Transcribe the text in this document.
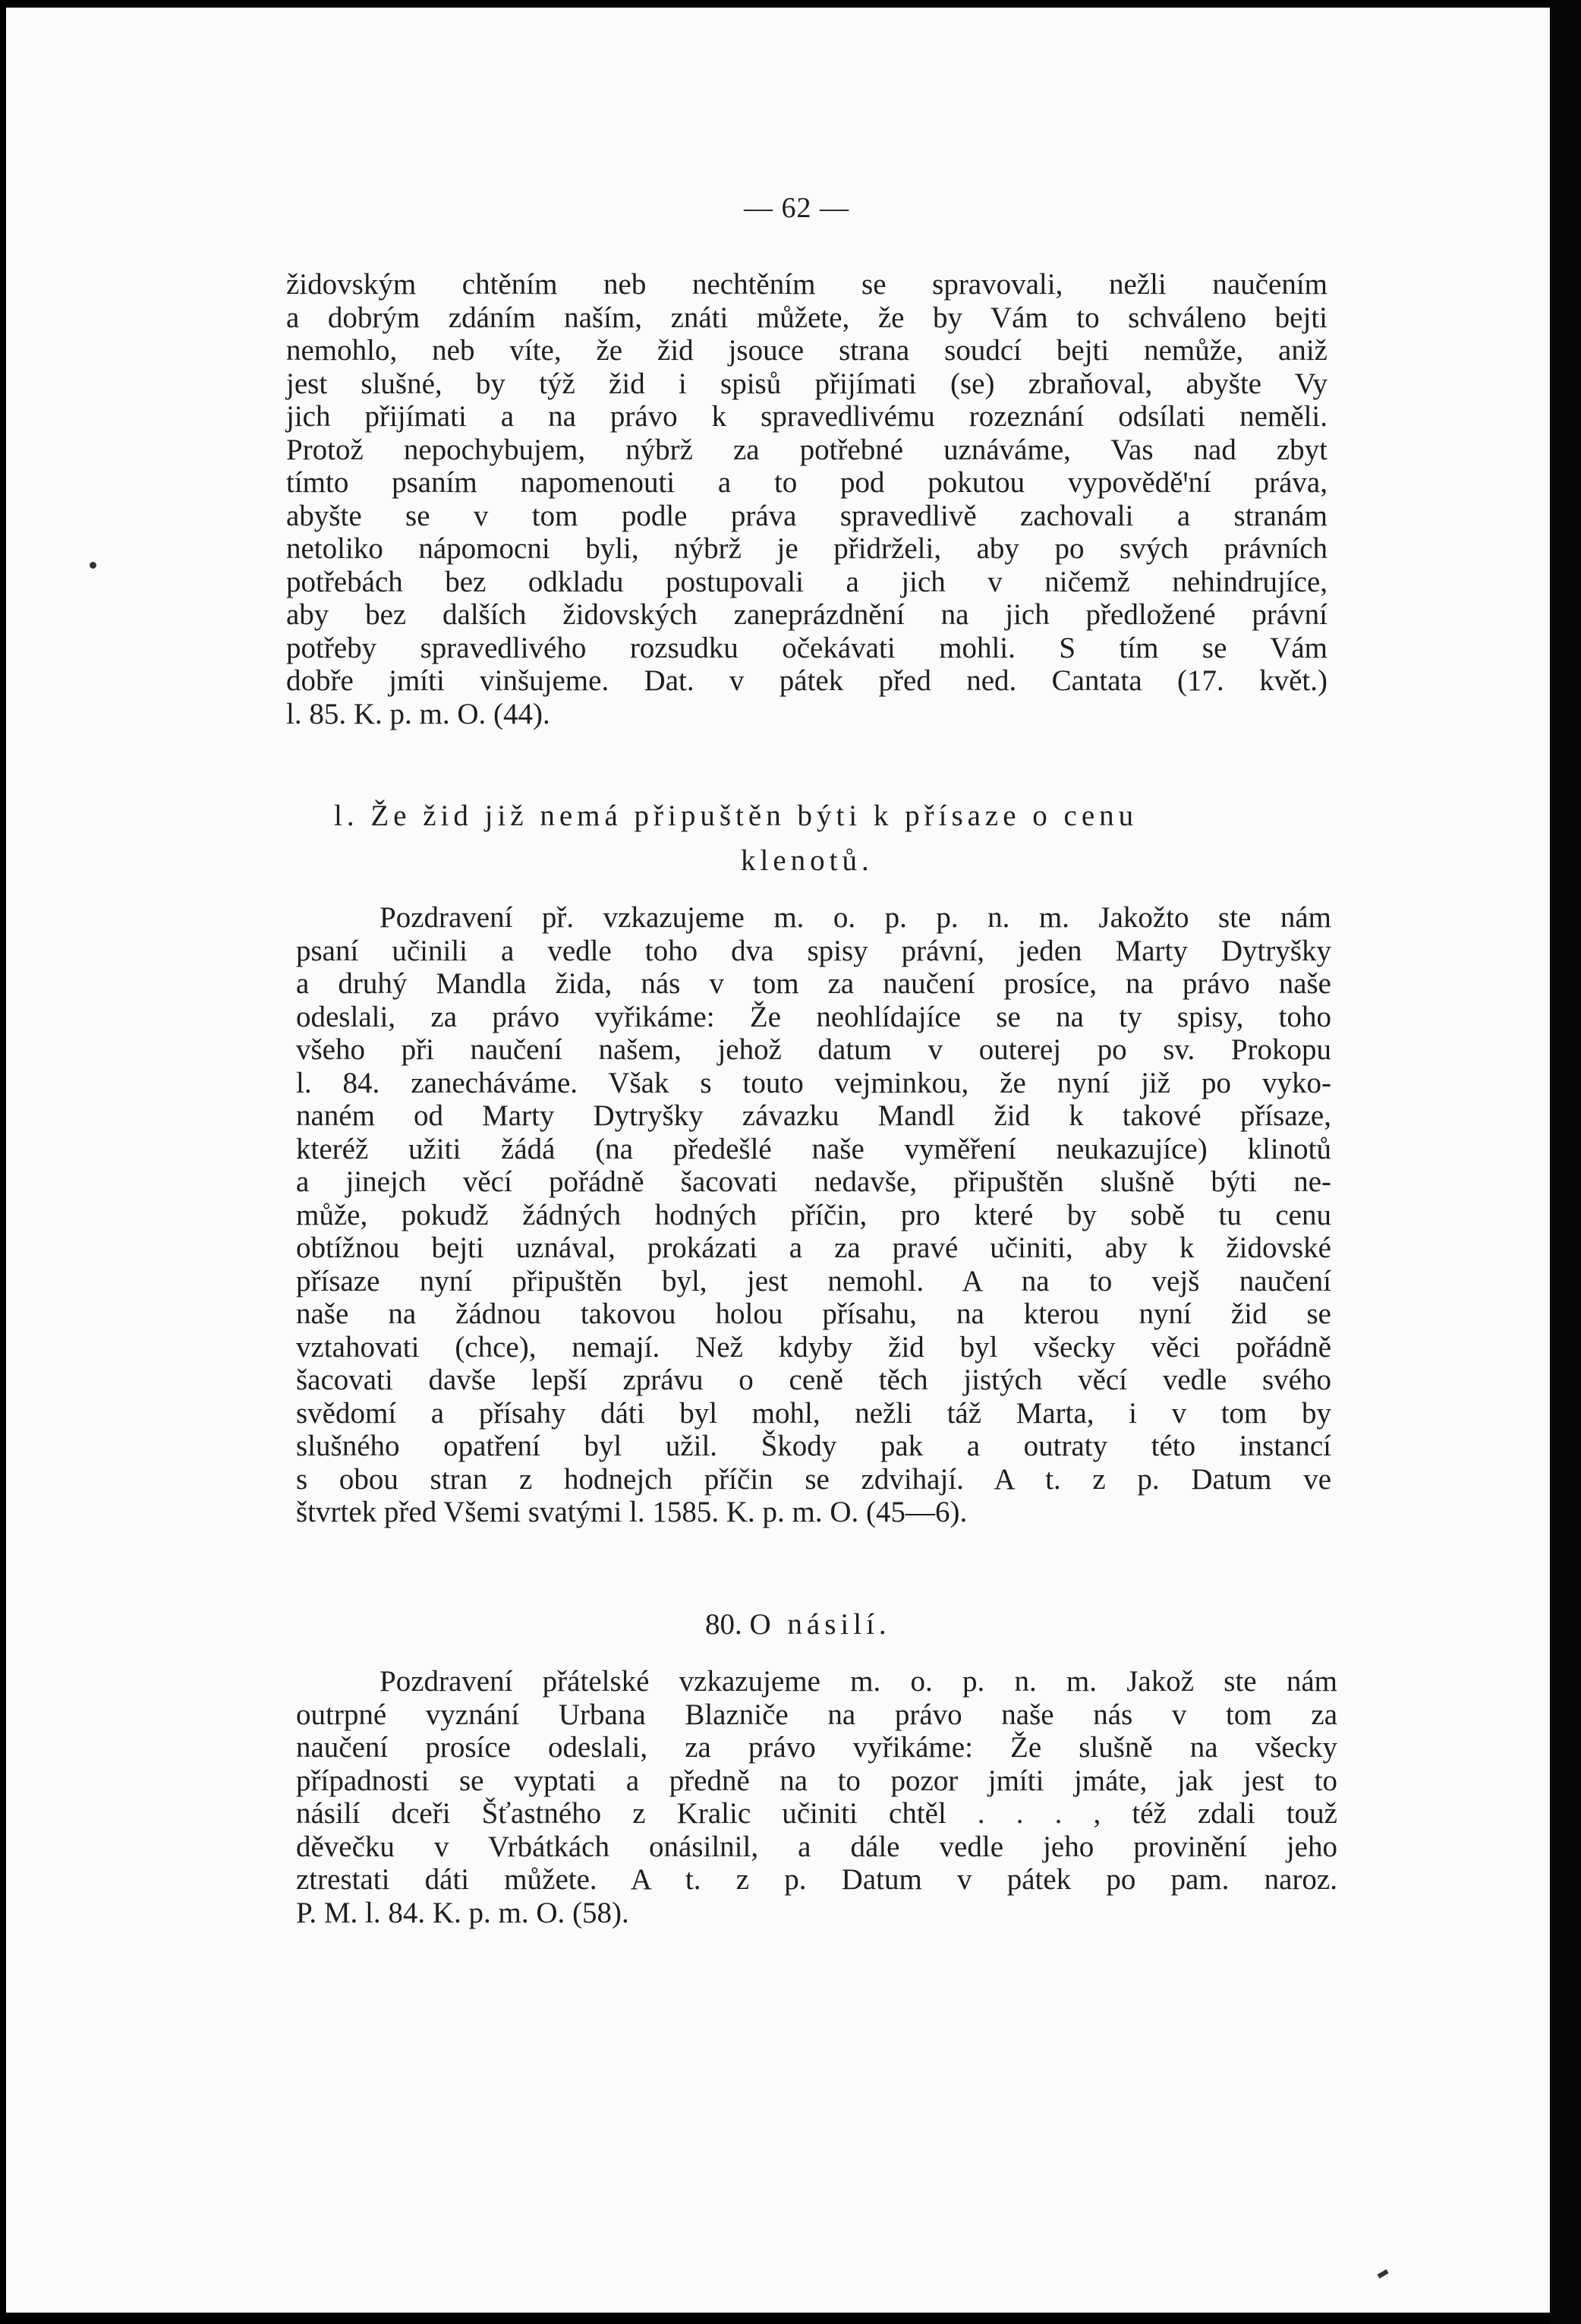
— 62 —
židovským chtěním neb nechtěním se spravovali, nežli naučením
a dobrým zdáním naším, znáti můžete, že by Vám to schváleno bejti
nemohlo, neb víte, že žid jsouce strana soudcí bejti nemůže, aniž
jest slušné, by týž žid i spisů přijímati (se) zbraňoval, abyšte Vy
jich přijímati a na právo k spravedlivému rozeznání odsílati neměli.
Protož nepochybujem, nýbrž za potřebné uznáváme, Vas nad zbyt
tímto psaním napomenouti a to pod pokutou vypověděꞌní práva,
abyšte se v tom podle práva spravedlivě zachovali a stranám
netoliko nápomocni byli, nýbrž je přidrželi, aby po svých právních
potřebách bez odkladu postupovali a jich v ničemž nehindrujíce,
aby bez dalších židovských zaneprázdnění na jich předložené právní
potřeby spravedlivého rozsudku očekávati mohli. S tím se Vám
dobře jmíti vinšujeme. Dat. v pátek před ned. Cantata (17. květ.)
l. 85. K. p. m. O. (44).
l. Že žid již nemá připuštěn býti k přísaze o cenu
klenotů.
Pozdravení př. vzkazujeme m. o. p. p. n. m. Jakožto ste nám
psaní učinili a vedle toho dva spisy právní, jeden Marty Dytryšky
a druhý Mandla žida, nás v tom za naučení prosíce, na právo naše
odeslali, za právo vyřikáme: Že neohlídajíce se na ty spisy, toho
všeho při naučení našem, jehož datum v outerej po sv. Prokopu
l. 84. zanecháváme. Však s touto vejminkou, že nyní již po vyko-
naném od Marty Dytryšky závazku Mandl žid k takové přísaze,
kteréž užiti žádá (na předešlé naše vyměření neukazujíce) klinotů
a jinejch věcí pořádně šacovati nedavše, připuštěn slušně býti ne-
může, pokudž žádných hodných příčin, pro které by sobě tu cenu
obtížnou bejti uznával, prokázati a za pravé učiniti, aby k židovské
přísaze nyní připuštěn byl, jest nemohl. A na to vejš naučení
naše na žádnou takovou holou přísahu, na kterou nyní žid se
vztahovati (chce), nemají. Než kdyby žid byl všecky věci pořádně
šacovati davše lepší zprávu o ceně těch jistých věcí vedle svého
svědomí a přísahy dáti byl mohl, nežli táž Marta, i v tom by
slušného opatření byl užil. Škody pak a outraty této instancí
s obou stran z hodnejch příčin se zdvihají. A t. z p. Datum ve
štvrtek před Všemi svatými l. 1585. K. p. m. O. (45—6).
80. O násilí.
Pozdravení přátelské vzkazujeme m. o. p. n. m. Jakož ste nám
outrpné vyznání Urbana Blazniče na právo naše nás v tom za
naučení prosíce odeslali, za právo vyřikáme: Že slušně na všecky
případnosti se vyptati a předně na to pozor jmíti jmáte, jak jest to
násilí dceři Šťastného z Kralic učiniti chtěl . . . , též zdali touž
děvečku v Vrbátkách onásilnil, a dále vedle jeho provinění jeho
ztrestati dáti můžete. A t. z p. Datum v pátek po pam. naroz.
P. M. l. 84. K. p. m. O. (58).
